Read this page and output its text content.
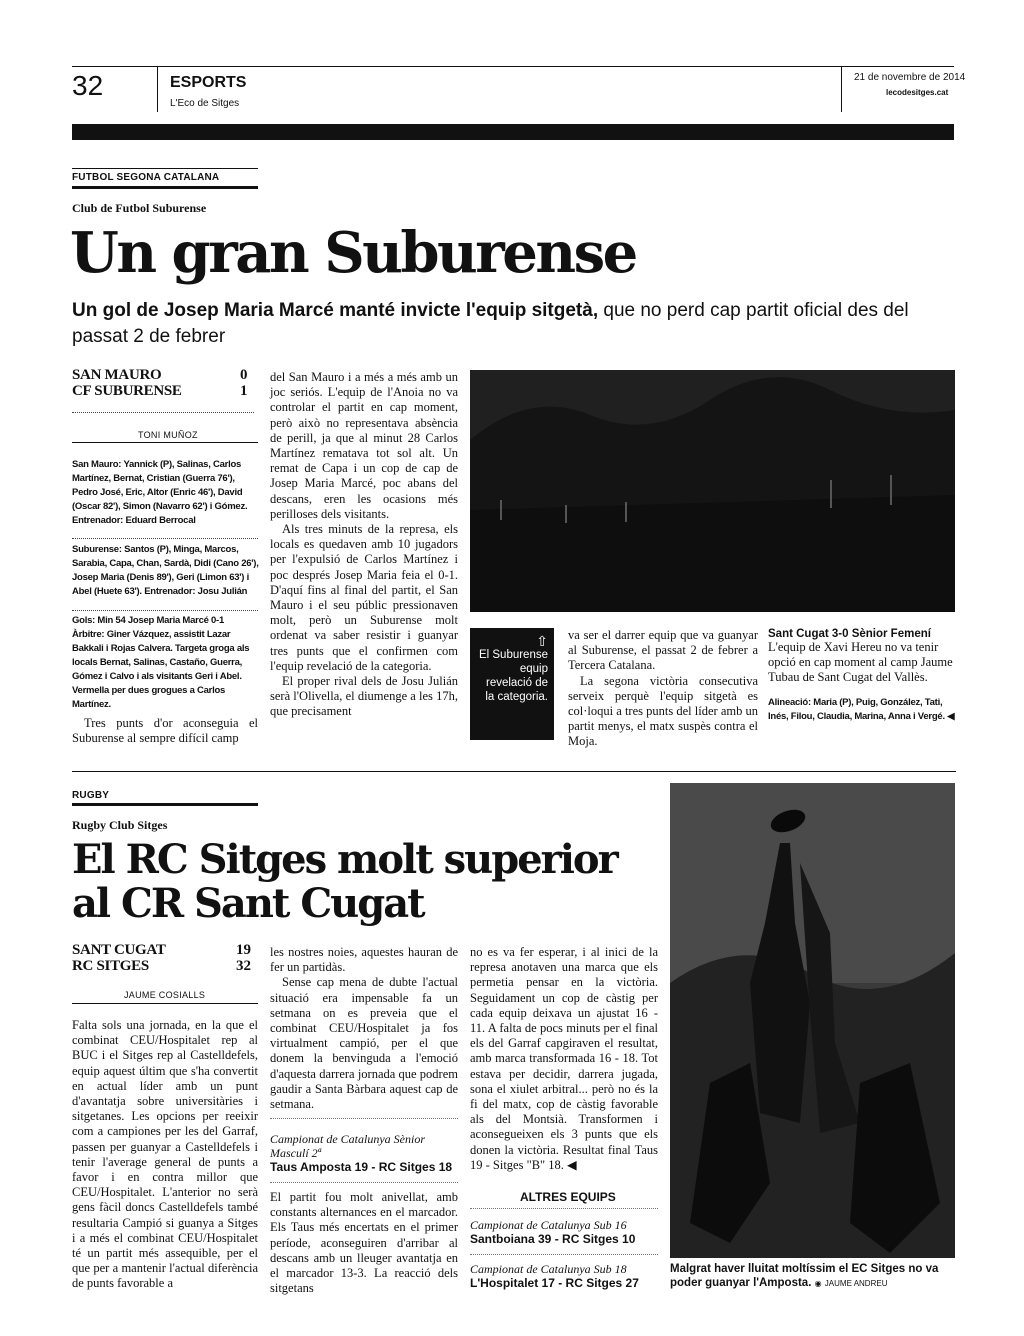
32	ESPORTS
L'Eco de Sitges
21 de novembre de 2014
lecodesitges.cat
FUTBOL SEGONA CATALANA
Club de Futbol Suburense
Un gran Suburense
Un gol de Josep Maria Marcé manté invicte l'equip sitgetà, que no perd cap partit oficial des del passat 2 de febrer
SAN MAURO	0
CF SUBURENSE	1
TONI MUÑOZ
San Mauro: Yannick (P), Salinas, Carlos Martínez, Bernat, Cristian (Guerra 76'), Pedro José, Eric, Altor (Enric 46'), David (Oscar 82'), Simon (Navarro 62') i Gómez.
Entrenador: Eduard Berrocal
Suburense: Santos (P), Minga, Marcos, Sarabia, Capa, Chan, Sardà, Didi (Cano 26'), Josep Maria (Denis 89'), Geri (Limon 63') i Abel (Huete 63'). Entrenador: Josu Julián
Gols: Min 54 Josep Maria Marcé 0-1
Àrbitre: Giner Vázquez, assistit Lazar Bakkali i Rojas Calvera. Targeta groga als locals Bernat, Salinas, Castaño, Guerra, Gómez i Calvo i als visitants Geri i Abel. Vermella per dues grogues a Carlos Martínez.

Tres punts d'or aconseguia el Suburense al sempre difícil camp

del San Mauro i a més a més amb un joc seriós. L'equip de l'Anoia no va controlar el partit en cap moment, però això no representava absència de perill, ja que al minut 28 Carlos Martínez rematava tot sol alt. Un remat de Capa i un cop de cap de Josep Maria Marcé, poc abans del descans, eren les ocasions més perilloses dels visitants.

Als tres minuts de la represa, els locals es quedaven amb 10 jugadors per l'expulsió de Carlos Martínez i poc després Josep Maria feia el 0-1. D'aquí fins al final del partit, el San Mauro i el seu públic pressionaven molt, però un Suburense molt ordenat va saber resistir i guanyar tres punts que el confirmen com l'equip revelació de la categoria.

El proper rival dels de Josu Julián serà l'Olivella, el diumenge a les 17h, que precisament

⇧
El Suburense equip revelació de la categoria.

va ser el darrer equip que va guanyar al Suburense, el passat 2 de febrer a Tercera Catalana.

La segona victòria consecutiva serveix perquè l'equip sitgetà es col·loqui a tres punts del líder amb un partit menys, el matx suspès contra el Moja.

Sant Cugat 3-0 Sènior Femení
L'equip de Xavi Hereu no va tenir opció en cap moment al camp Jaume Tubau de Sant Cugat del Vallès.
Alineació: Maria (P), Puig, González, Tati, Inés, Filou, Claudia, Marina, Anna i Vergé. ◀
RUGBY
Rugby Club Sitges
El RC Sitges molt superior
al CR Sant Cugat
SANT CUGAT	19
RC SITGES	32
JAUME COSIALLS

Falta sols una jornada, en la que el combinat CEU/Hospitalet rep al BUC i el Sitges rep al Castelldefels, equip aquest últim que s'ha convertit en actual líder amb un punt d'avantatja sobre universitàries i sitgetanes. Les opcions per reeixir com a campiones per les del Garraf, passen per guanyar a Castelldefels i tenir l'average general de punts a favor i en contra millor que CEU/Hospitalet. L'anterior no serà gens fàcil doncs Castelldefels també resultaria Campió si guanya a Sitges i a més el combinat CEU/Hospitalet té un partit més assequible, per el que per a mantenir l'actual diferència de punts favorable a

les nostres noies, aquestes hauran de fer un partidàs.

Sense cap mena de dubte l'actual situació era impensable fa un setmana on es preveia que el combinat CEU/Hospitalet ja fos virtualment campió, per el que donem la benvinguda a l'emoció d'aquesta darrera jornada que podrem gaudir a Santa Bàrbara aquest cap de setmana.

Campionat de Catalunya Sènior Masculí 2ª
Taus Amposta 19 - RC Sitges 18

El partit fou molt anivellat, amb constants alternances en el marcador. Els Taus més encertats en el primer període, aconseguiren d'arribar al descans amb un lleuger avantatja en el marcador 13-3. La reacció dels sitgetans

no es va fer esperar, i al inici de la represa anotaven una marca que els permetia pensar en la victòria. Seguidament un cop de càstig per cada equip deixava un ajustat 16 - 11. A falta de pocs minuts per el final els del Garraf capgiraven el resultat, amb marca transformada 16 - 18. Tot estava per decidir, darrera jugada, sona el xiulet arbitral... però no és la fi del matx, cop de càstig favorable als del Montsià. Transformen i aconsegueixen els 3 punts que els donen la victòria. Resultat final Taus 19 - Sitges "B" 18. ◀

ALTRES EQUIPS
Campionat de Catalunya Sub 16
Santboiana 39 - RC Sitges 10
Campionat de Catalunya Sub 18
L'Hospitalet 17 - RC Sitges 27
Malgrat haver lluitat moltíssim el EC Sitges no va poder guanyar l'Amposta. ◉ JAUME ANDREU
